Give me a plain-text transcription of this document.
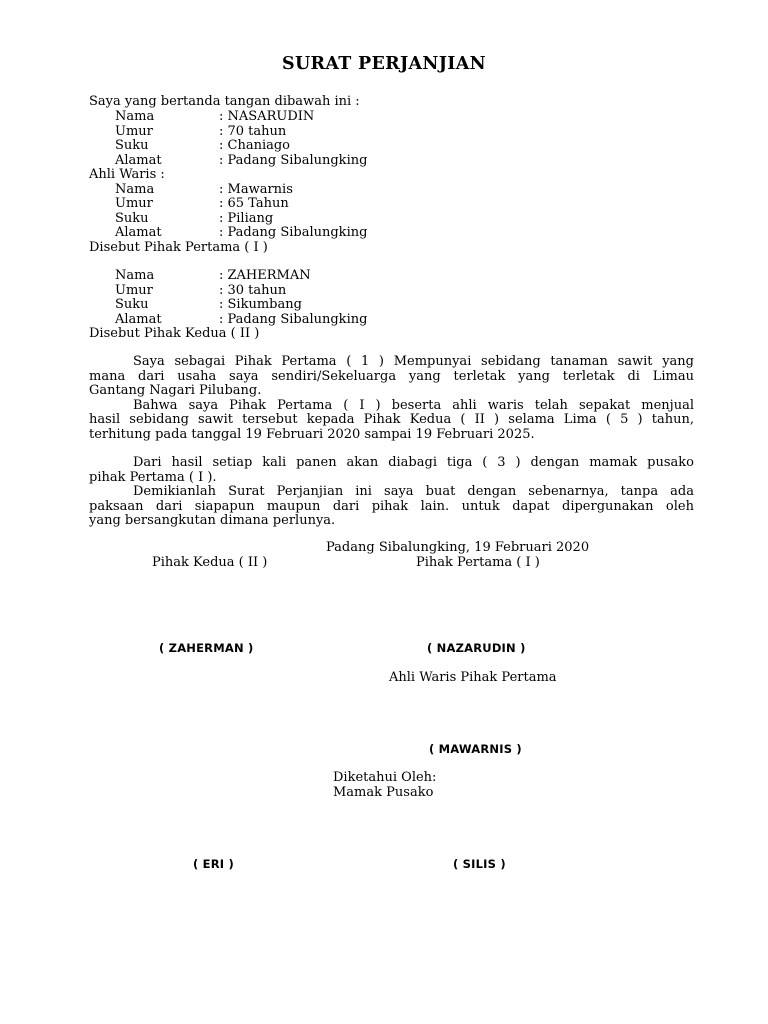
SURAT PERJANJIAN
Saya yang bertanda tangan dibawah ini :
Nama	: NASARUDIN
Umur	: 70 tahun
Suku	: Chaniago
Alamat	: Padang Sibalungking
Ahli Waris :
Nama	: Mawarnis
Umur	: 65 Tahun
Suku	: Piliang
Alamat	: Padang Sibalungking
Disebut Pihak Pertama ( I )
Nama	: ZAHERMAN
Umur	: 30 tahun
Suku	: Sikumbang
Alamat	: Padang Sibalungking
Disebut Pihak Kedua ( II )
Saya sebagai Pihak Pertama ( 1 ) Mempunyai sebidang tanaman sawit yang
mana dari usaha saya sendiri/Sekeluarga yang terletak yang terletak di Limau
Gantang Nagari Pilubang.
Bahwa saya Pihak Pertama ( I ) beserta ahli waris telah sepakat menjual
hasil sebidang sawit tersebut kepada Pihak Kedua ( II ) selama Lima ( 5 ) tahun,
terhitung pada tanggal 19 Februari 2020 sampai 19 Februari 2025.
Dari hasil setiap kali panen akan diabagi tiga ( 3 ) dengan mamak pusako
pihak Pertama ( I ).
Demikianlah Surat Perjanjian ini saya buat dengan sebenarnya, tanpa ada
paksaan dari siapapun maupun dari pihak lain. untuk dapat dipergunakan oleh
yang bersangkutan dimana perlunya.
Padang Sibalungking, 19 Februari 2020
Pihak Kedua ( II )	Pihak Pertama ( I )
( ZAHERMAN )	( NAZARUDIN )
Ahli Waris Pihak Pertama
( MAWARNIS )
Diketahui Oleh:
Mamak Pusako
( ERI )	( SILIS )
